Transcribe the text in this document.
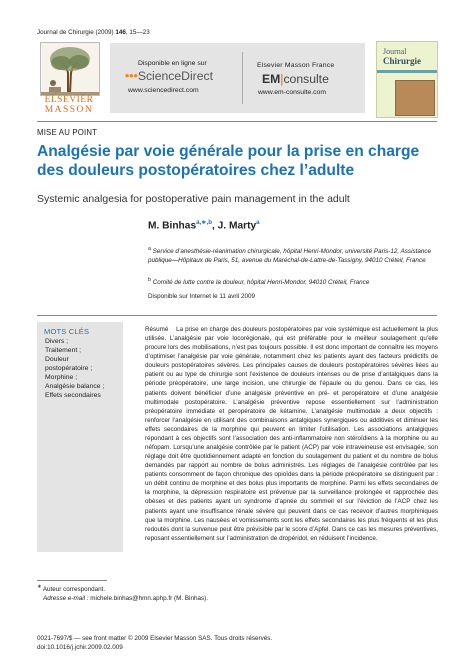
Journal de Chirurgie (2009) 146, 15—23
ELSEVIER
MASSON
Disponible en ligne sur
•••ScienceDirect
www.sciencedirect.com
Elsevier Masson France
EM|consulte
www.em-consulte.com
Journal
Chirurgie
MISE AU POINT
Analgésie par voie générale pour la prise en charge des douleurs postopératoires chez l’adulte
Systemic analgesia for postoperative pain management in the adult
M. Binhas$^{a,∗,b}$, J. Marty$^a$
$^a$ Service d’anesthésie-réanimation chirurgicale, hôpital Henri-Mondor, université Paris-12, Assistance publique—Hôpitaux de Paris, 51, avenue du Maréchal-de-Lattre-de-Tassigny, 94010 Créteil, France
$^b$ Comité de lutte contre la douleur, hôpital Henri-Mondor, 94010 Créteil, France
Disponible sur Internet le 11 avril 2009
MOTS CLÉS
Divers ;
Traitement ;
Douleur
postopératoire ;
Morphine ;
Analgésie balance ;
Effets secondaires
Résumé La prise en charge des douleurs postopératoires par voie systémique est actuellement la plus utilisée. L’analgésie par voie locorégionale, qui est préférable pour le meilleur soulagement qu’elle procure lors des mobilisations, n’est pas toujours possible. Il est donc important de connaître les moyens d’optimiser l’analgésie par voie générale, notamment chez les patients ayant des facteurs prédictifs de douleurs postopératoires sévères. Les principales causes de douleurs postopératoires sévères liées au patient ou au type de chirurgie sont l’existence de douleurs intenses ou de prise d’antalgiques dans la période préopératoire, une large incision, une chirurgie de l’épaule ou du genou. Dans ce cas, les patients doivent bénéficier d’une analgésie préventive en pré- et peropératoire et d’une analgésie multimodale postopératoire. L’analgésie préventive repose essentiellement sur l’administration préopératoire immédiate et peropératoire de kétamine. L’analgésie multimodale a deux objectifs : renforcer l’analgésie en utilisant des combinaisons antalgiques synergiques ou additives et diminuer les effets secondaires de la morphine qui peuvent en limiter l’utilisation. Les associations antalgiques répondant à ces objectifs sont l’association des anti-inflammatoire non stéroïdiens à la morphine ou au néfopam. Lorsqu’une analgésie contrôlée par le patient (ACP) par voie intraveineuse est envisagée, son réglage doit être quotidiennement adapté en fonction du soulagement du patient et du nombre de bolus demandés par rapport au nombre de bolus administrés. Les réglages de l’analgésie contrôlée par les patients consomment de façon chronique des opioïdes dans la période préopératoire se distinguent par : un débit continu de morphine et des bolus plus importants de morphine. Parmi les effets secondaires de la morphine, la dépression respiratoire est prévenue par la surveillance prolongée et rapprochée des obèses et des patients ayant un syndrome d’apnée du sommeil et sur l’éviction de l’ACP chez les patients ayant une insuffisance rénale sévère qui peuvent dans ce cas recevoir d’autres morphiniques que la morphine. Les nausées et vomissements sont les effets secondaires les plus fréquents et les plus redoutés dont la survenue peut être prévisible par le score d’Apfel. Dans ce cas les mesures préventives, reposant essentiellement sur l’administration de dropéridol, en réduisent l’incidence.
∗ Auteur correspondant.
Adresse e-mail : michele.binhas@hmn.aphp.fr (M. Binhas).
0021-7697/$ — see front matter © 2009 Elsevier Masson SAS. Tous droits réservés.
doi:10.1016/j.jchir.2009.02.009
